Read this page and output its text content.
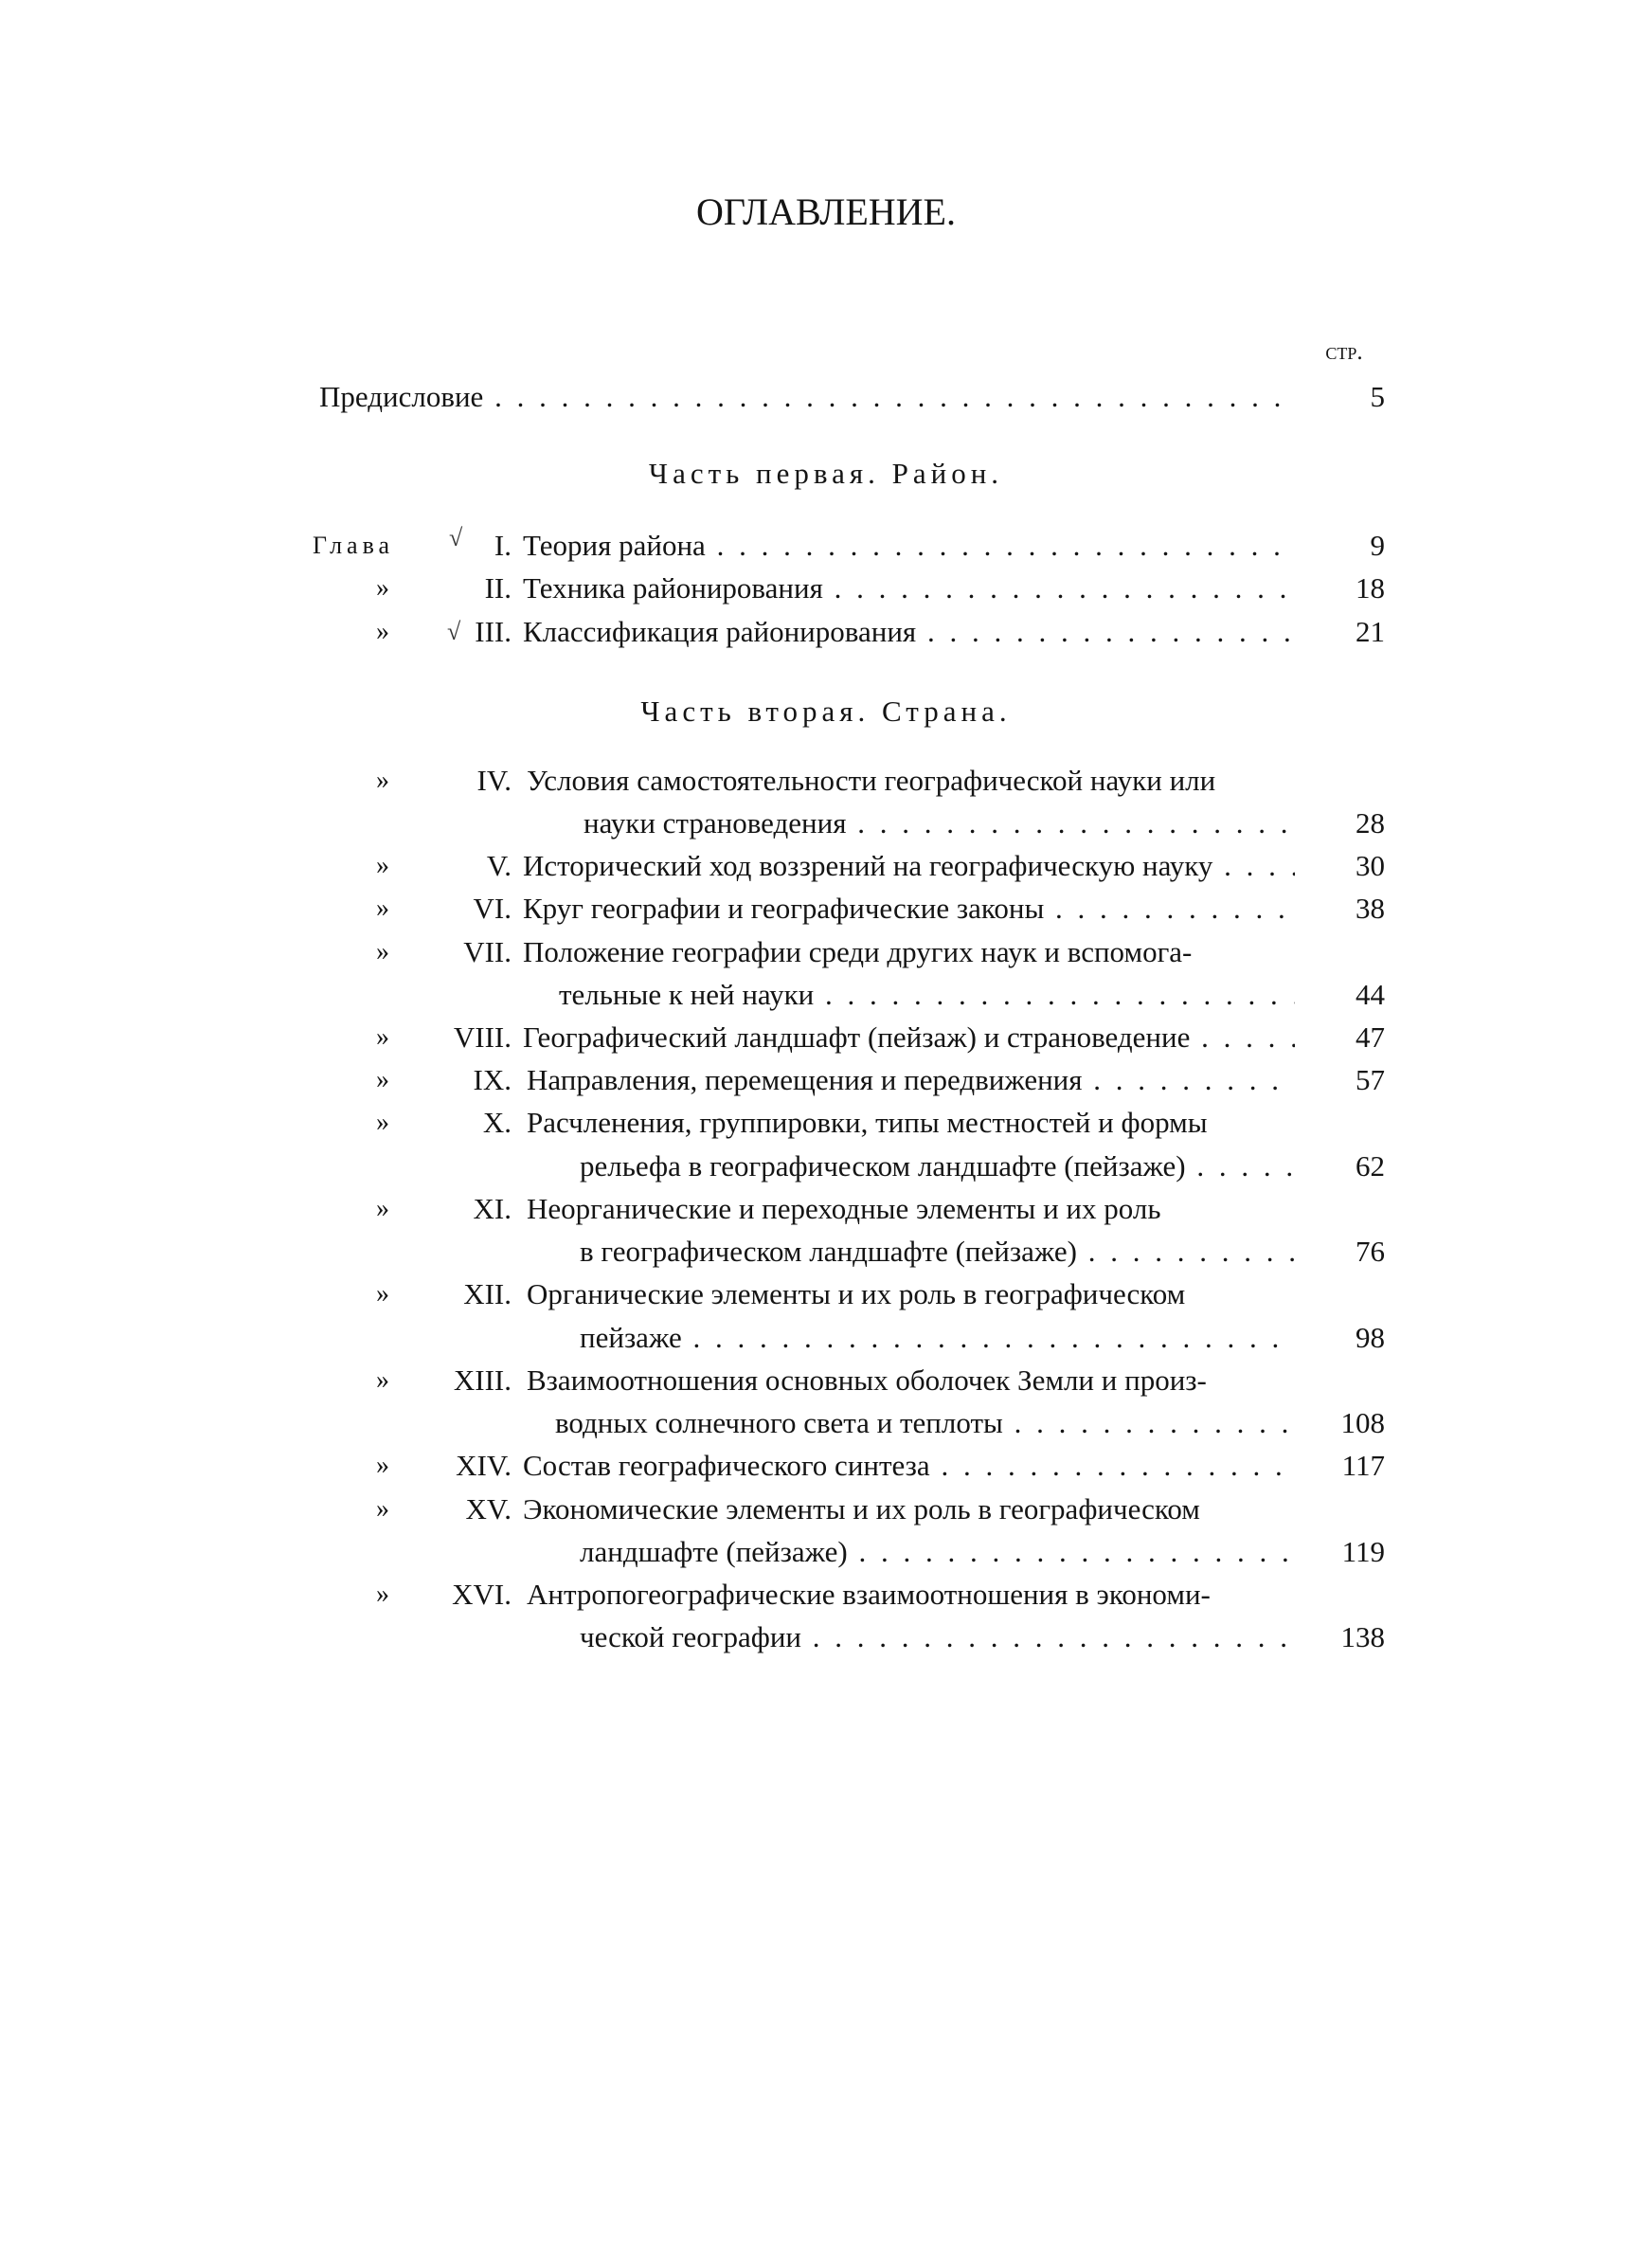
ОГЛАВЛЕНИЕ.
стр.
Предисловие . . .	5
Часть первая. Район.
Глава √	I. Теория района . . .	9
»	II. Техника районирования . . .	18
» √ III. Классификация районирования . . .	21
Часть вторая. Страна.
»	IV. Условия самостоятельности географической науки или
науки страноведения . . .	28
»	V. Исторический ход воззрений на географическую науку . . .	30
»	VI. Круг географии и географические законы . . .	38
»	VII. Положение географии среди других наук и вспомога-
тельные к ней науки . . .	44
»	VIII. Географический ландшафт (пейзаж) и страноведение . . .	47
»	IX. Направления, перемещения и передвижения . . .	57
»	X. Расчленения, группировки, типы местностей и формы
рельефа в географическом ландшафте (пейзаже) . . .	62
»	XI. Неорганические и переходные элементы и их роль
в географическом ландшафте (пейзаже) . . .	76
»	XII. Органические элементы и их роль в географическом
пейзаже . . .	98
»	XIII. Взаимоотношения основных оболочек Земли и произ-
водных солнечного света и теплоты . . .	108
»	XIV. Состав географического синтеза . . .	117
»	XV. Экономические элементы и их роль в географическом
ландшафте (пейзаже) . . .	119
»	XVI. Антропогеографические взаимоотношения в экономи-
ческой географии . . .	138
